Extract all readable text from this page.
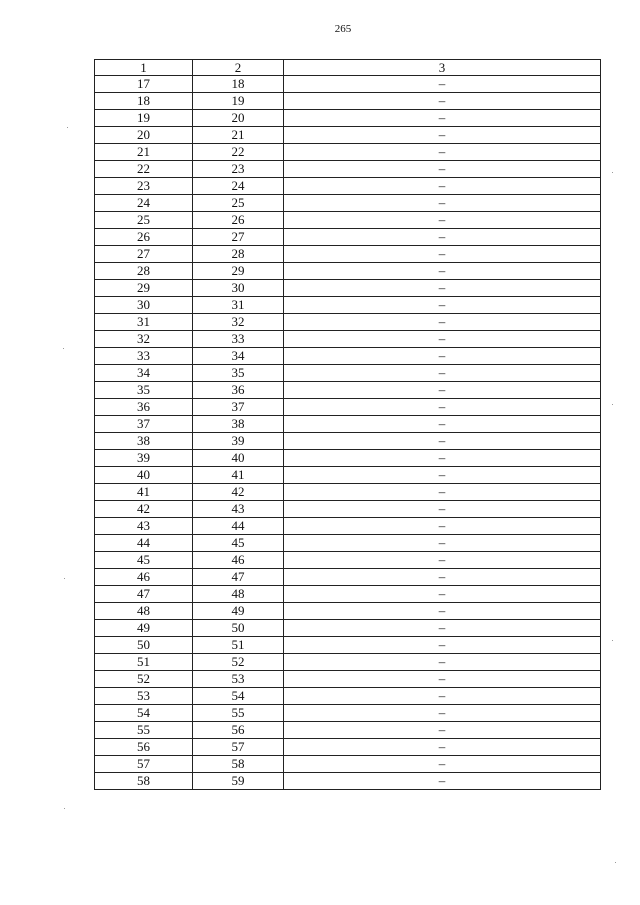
265
1	2	3
17	18	–
18	19	–
19	20	–
20	21	–
21	22	–
22	23	–
23	24	–
24	25	–
25	26	–
26	27	–
27	28	–
28	29	–
29	30	–
30	31	–
31	32	–
32	33	–
33	34	–
34	35	–
35	36	–
36	37	–
37	38	–
38	39	–
39	40	–
40	41	–
41	42	–
42	43	–
43	44	–
44	45	–
45	46	–
46	47	–
47	48	–
48	49	–
49	50	–
50	51	–
51	52	–
52	53	–
53	54	–
54	55	–
55	56	–
56	57	–
57	58	–
58	59	–
